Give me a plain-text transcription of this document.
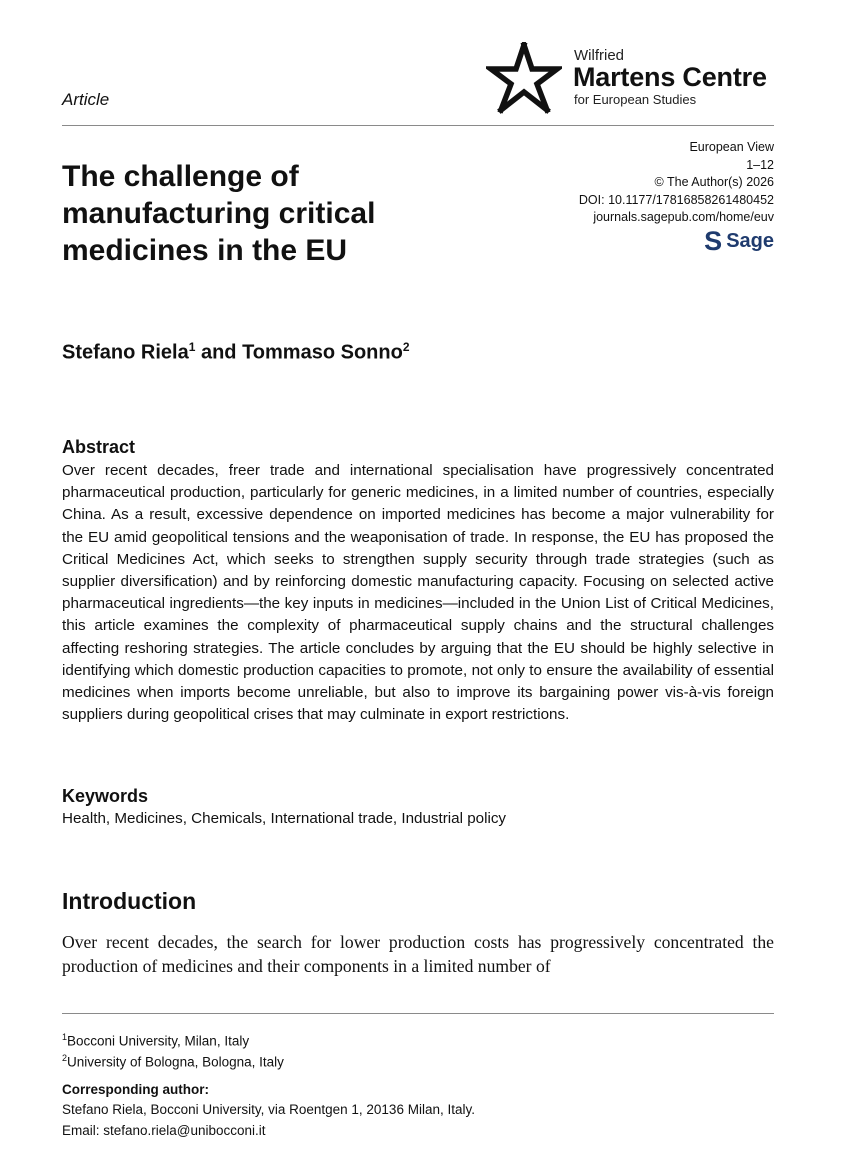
Article
Wilfried
Martens Centre
for European Studies
European View
1–12
© The Author(s) 2026
DOI: 10.1177/17816858261480452
journals.sagepub.com/home/euv
S Sage
The challenge of manufacturing critical medicines in the EU
Stefano Riela$^1$ and Tommaso Sonno$^2$
Abstract
Over recent decades, freer trade and international specialisation have progressively concentrated pharmaceutical production, particularly for generic medicines, in a limited number of countries, especially China. As a result, excessive dependence on imported medicines has become a major vulnerability for the EU amid geopolitical tensions and the weaponisation of trade. In response, the EU has proposed the Critical Medicines Act, which seeks to strengthen supply security through trade strategies (such as supplier diversification) and by reinforcing domestic manufacturing capacity. Focusing on selected active pharmaceutical ingredients—the key inputs in medicines—included in the Union List of Critical Medicines, this article examines the complexity of pharmaceutical supply chains and the structural challenges affecting reshoring strategies. The article concludes by arguing that the EU should be highly selective in identifying which domestic production capacities to promote, not only to ensure the availability of essential medicines when imports become unreliable, but also to improve its bargaining power vis-à-vis foreign suppliers during geopolitical crises that may culminate in export restrictions.
Keywords
Health, Medicines, Chemicals, International trade, Industrial policy
Introduction
Over recent decades, the search for lower production costs has progressively concentrated the production of medicines and their components in a limited number of
$^1$Bocconi University, Milan, Italy
$^2$University of Bologna, Bologna, Italy
Corresponding author:
Stefano Riela, Bocconi University, via Roentgen 1, 20136 Milan, Italy.
Email: stefano.riela@unibocconi.it
